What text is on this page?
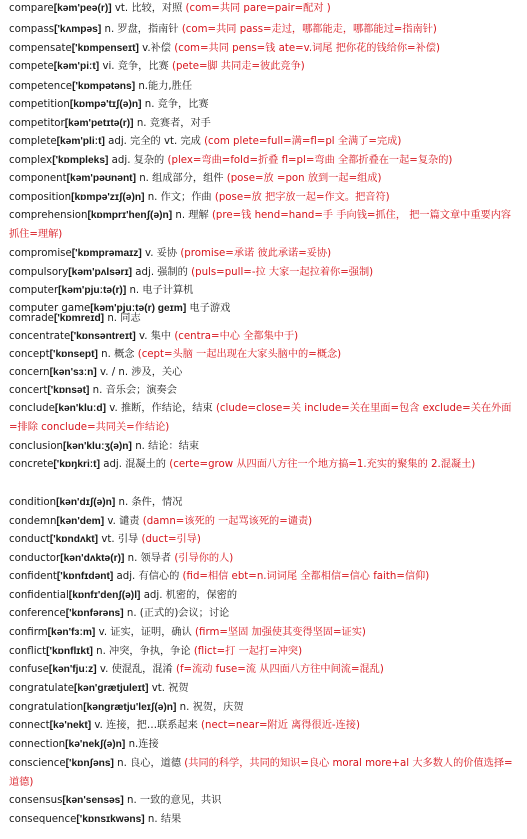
compare[kəm'peə(r)] vt. 比较，对照 (com=共同 pare=pair=配对 )
compass['kʌmpəs] n. 罗盘，指南针 (com=共同 pass=走过，哪都能走，哪都能过=指南针)
compensate['kɒmpenseɪt] v.补偿 (com=共同 pens=钱 ate=v.词尾 把你花的钱给你=补偿)
compete[kəm'piːt] vi. 竞争，比赛 (pete=脚 共同走=彼此竞争)
competence['kɒmpətəns] n.能力,胜任
competition[kɒmpə'tɪʃ(ə)n] n. 竞争，比赛
competitor[kəm'petɪtə(r)] n. 竞赛者，对手
complete[kəm'pliːt] adj. 完全的 vt. 完成 (com plete=full=满=fl=pl 全满了=完成)
complex['kɒmpleks] adj. 复杂的 (plex=弯曲=fold=折叠 fl=pl=弯曲 全都折叠在一起=复杂的)
component[kəm'pəʊnənt] n. 组成部分，组件 (pose=放 =pon 放到一起=组成)
composition[kɒmpə'zɪʃ(ə)n] n. 作文；作曲 (pose=放 把字放一起=作文。把音符)
comprehension[kɒmprɪ'henʃ(ə)n] n. 理解 (pre=钱 hend=hand=手 手向钱=抓住， 把一篇文章中重要内容抓住=理解)
compromise['kɒmprəmaɪz] v. 妥协 (promise=承诺 彼此承诺=妥协)
compulsory[kəm'pʌlsərɪ] adj. 强制的 (puls=pull=-拉 大家一起拉着你=强制)
computer[kəm'pjuːtə(r)] n. 电子计算机
computer game[kəm'pjuːtə(r) geɪm] 电子游戏
comrade['kɒmreɪd] n. 同志
concentrate['kɒnsəntreɪt] v. 集中 (centra=中心 全都集中于)
concept['kɒnsept] n. 概念 (cept=头脑 一起出现在大家头脑中的=概念)
concern[kən'sɜːn] v. / n. 涉及，关心
concert['kɒnsət] n. 音乐会；演奏会
conclude[kən'kluːd] v. 推断，作结论，结束 (clude=close=关 include=关在里面=包含 exclude=关在外面=排除 conclude=共同关=作结论)
conclusion[kən'kluːʒ(ə)n] n. 结论：结束
concrete['kɒŋkriːt] adj. 混凝土的 (certe=grow 从四面八方往一个地方搞=1.充实的聚集的 2.混凝土)
condition[kən'dɪʃ(ə)n] n. 条件，情况
condemn[kən'dem] v. 谴责 (damn=该死的 一起骂该死的=谴责)
conduct['kɒndʌkt] vt. 引导 (duct=引导)
conductor[kən'dʌktə(r)] n. 领导者 (引导你的人)
confident['kɒnfɪdənt] adj. 有信心的 (fid=相信 ebt=n.词词尾 全都相信=信心 faith=信仰)
confidential[kɒnfɪ'denʃ(ə)l] adj. 机密的，保密的
conference['kɒnfərəns] n. (正式的)会议；讨论
confirm[kən'fɜːm] v. 证实，证明，确认 (firm=坚固 加强使其变得坚固=证实)
conflict['kɒnflɪkt] n. 冲突，争执，争论 (flict=打 一起打=冲突)
confuse[kən'fjuːz] v. 使混乱，混淆 (f=流动 fuse=流 从四面八方往中间流=混乱)
congratulate[kən'grætjuleɪt] vt. 祝贺
congratulation[kəngrætju'leɪʃ(ə)n] n. 祝贺，庆贺
connect[kə'nekt] v. 连接，把…联系起来 (nect=near=附近 离得很近-连接)
connection[kə'nekʃ(ə)n] n.连接
conscience['kɒnʃəns] n. 良心，道德 (共同的科学，共同的知识=良心 moral more+al 大多数人的价值选择=道德)
consensus[kən'sensəs] n. 一致的意见，共识
consequence['kɒnsɪkwəns] n. 结果
